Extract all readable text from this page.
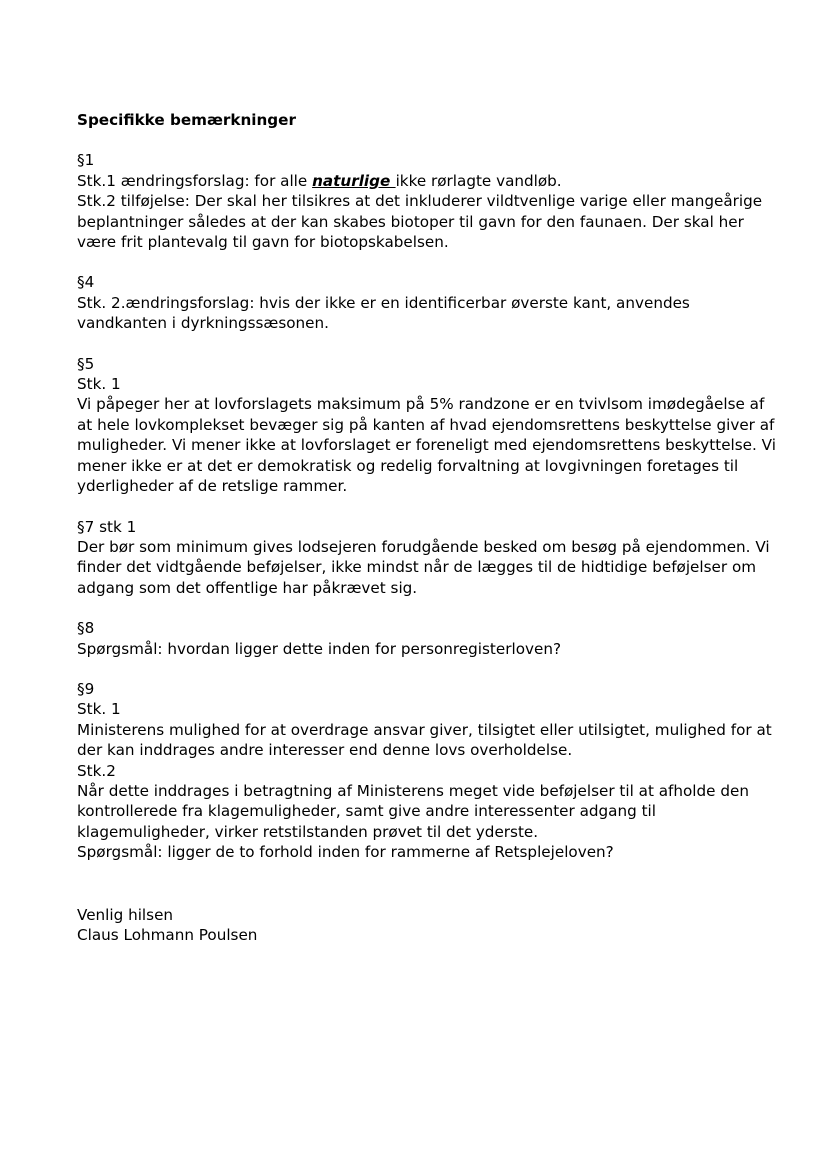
Specifikke bemærkninger

§1

Stk.1 ændringsforslag: for alle naturlige ikke rørlagte vandløb.

Stk.2 tilføjelse: Der skal her tilsikres at det inkluderer vildtvenlige varige eller mangeårige beplantninger således at der kan skabes biotoper til gavn for den faunaen. Der skal her være frit plantevalg til gavn for biotopskabelsen.

§4

Stk. 2.ændringsforslag: hvis der ikke er en identificerbar øverste kant, anvendes vandkanten i dyrkningssæsonen.

§5

Stk. 1

Vi påpeger her at lovforslagets maksimum på 5% randzone er en tvivlsom imødegåelse af at hele lovkomplekset bevæger sig på kanten af hvad ejendomsrettens beskyttelse giver af muligheder. Vi mener ikke at lovforslaget er foreneligt med ejendomsrettens beskyttelse. Vi mener ikke er at det er demokratisk og redelig forvaltning at lovgivningen foretages til yderligheder af de retslige rammer.

§7 stk 1

Der bør som minimum gives lodsejeren forudgående besked om besøg på ejendommen. Vi finder det vidtgående beføjelser, ikke mindst når de lægges til de hidtidige beføjelser om adgang som det offentlige har påkrævet sig.

§8

Spørgsmål: hvordan ligger dette inden for personregisterloven?

§9

Stk. 1

Ministerens mulighed for at overdrage ansvar giver, tilsigtet eller utilsigtet, mulighed for at der kan inddrages andre interesser end denne lovs overholdelse.

Stk.2

Når dette inddrages i betragtning af Ministerens meget vide beføjelser til at afholde den kontrollerede fra klagemuligheder, samt give andre interessenter adgang til klagemuligheder, virker retstilstanden prøvet til det yderste.

Spørgsmål: ligger de to forhold inden for rammerne af Retsplejeloven?

Venlig hilsen

Claus Lohmann Poulsen
